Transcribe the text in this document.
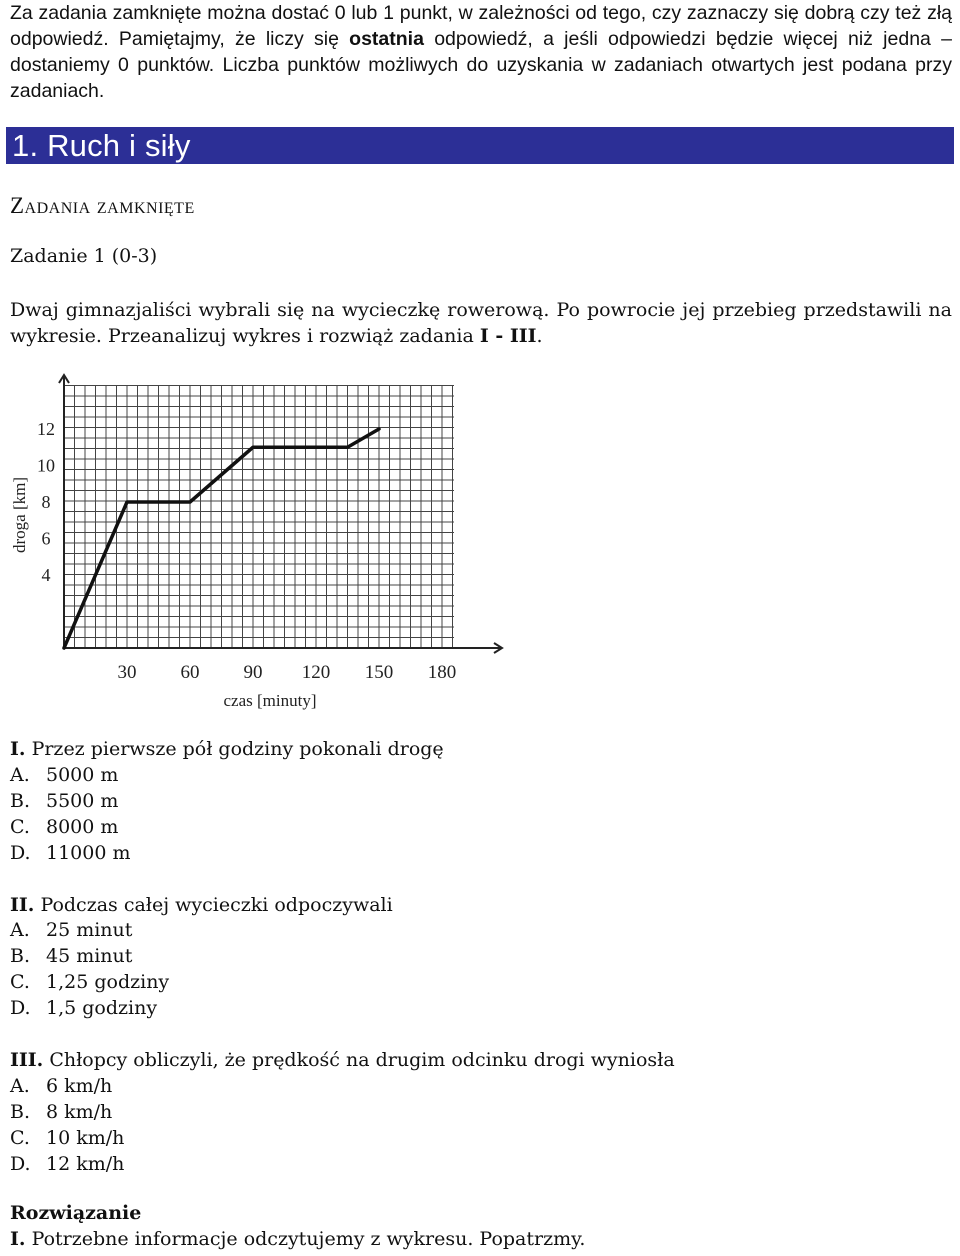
Za zadania zamknięte można dostać 0 lub 1 punkt, w zależności od tego, czy zaznaczy się dobrą czy też złą odpowiedź. Pamiętajmy, że liczy się ostatnia odpowiedź, a jeśli odpowiedzi będzie więcej niż jedna – dostaniemy 0 punktów. Liczba punktów możliwych do uzyskania w zadaniach otwartych jest podana przy zadaniach.
1. Ruch i siły
Zadania zamknięte
Zadanie 1 (0-3)
Dwaj gimnazjaliści wybrali się na wycieczkę rowerową. Po powrocie jej przebieg przedstawili na wykresie. Przeanalizuj wykres i rozwiąż zadania I - III.
30 60 90 120 150 180
4
6
8
10
12
czas [minuty]
droga [km]
I. Przez pierwsze pół godziny pokonali drogę
A. 5000 m
B. 5500 m
C. 8000 m
D. 11000 m
II. Podczas całej wycieczki odpoczywali
A. 25 minut
B. 45 minut
C. 1,25 godziny
D. 1,5 godziny
III. Chłopcy obliczyli, że prędkość na drugim odcinku drogi wyniosła
A. 6 km/h
B. 8 km/h
C. 10 km/h
D. 12 km/h
Rozwiązanie
I. Potrzebne informacje odczytujemy z wykresu. Popatrzmy.
